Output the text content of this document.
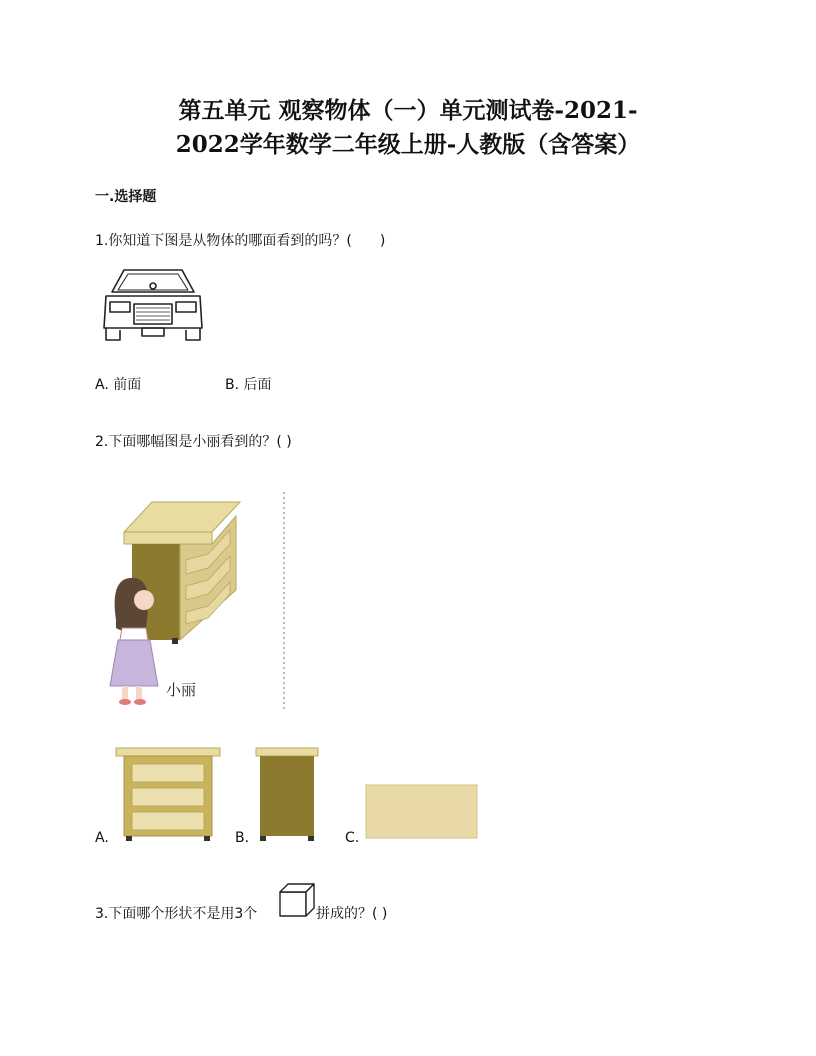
第五单元 观察物体（一）单元测试卷-2021-
2022学年数学二年级上册-人教版（含答案）
一.选择题
1.你知道下图是从物体的哪面看到的吗？(　　)
A. 前面	B. 后面
2.下面哪幅图是小丽看到的？( )
小丽
A.	B.	C.
3.下面哪个形状不是用3个	拼成的？( )
